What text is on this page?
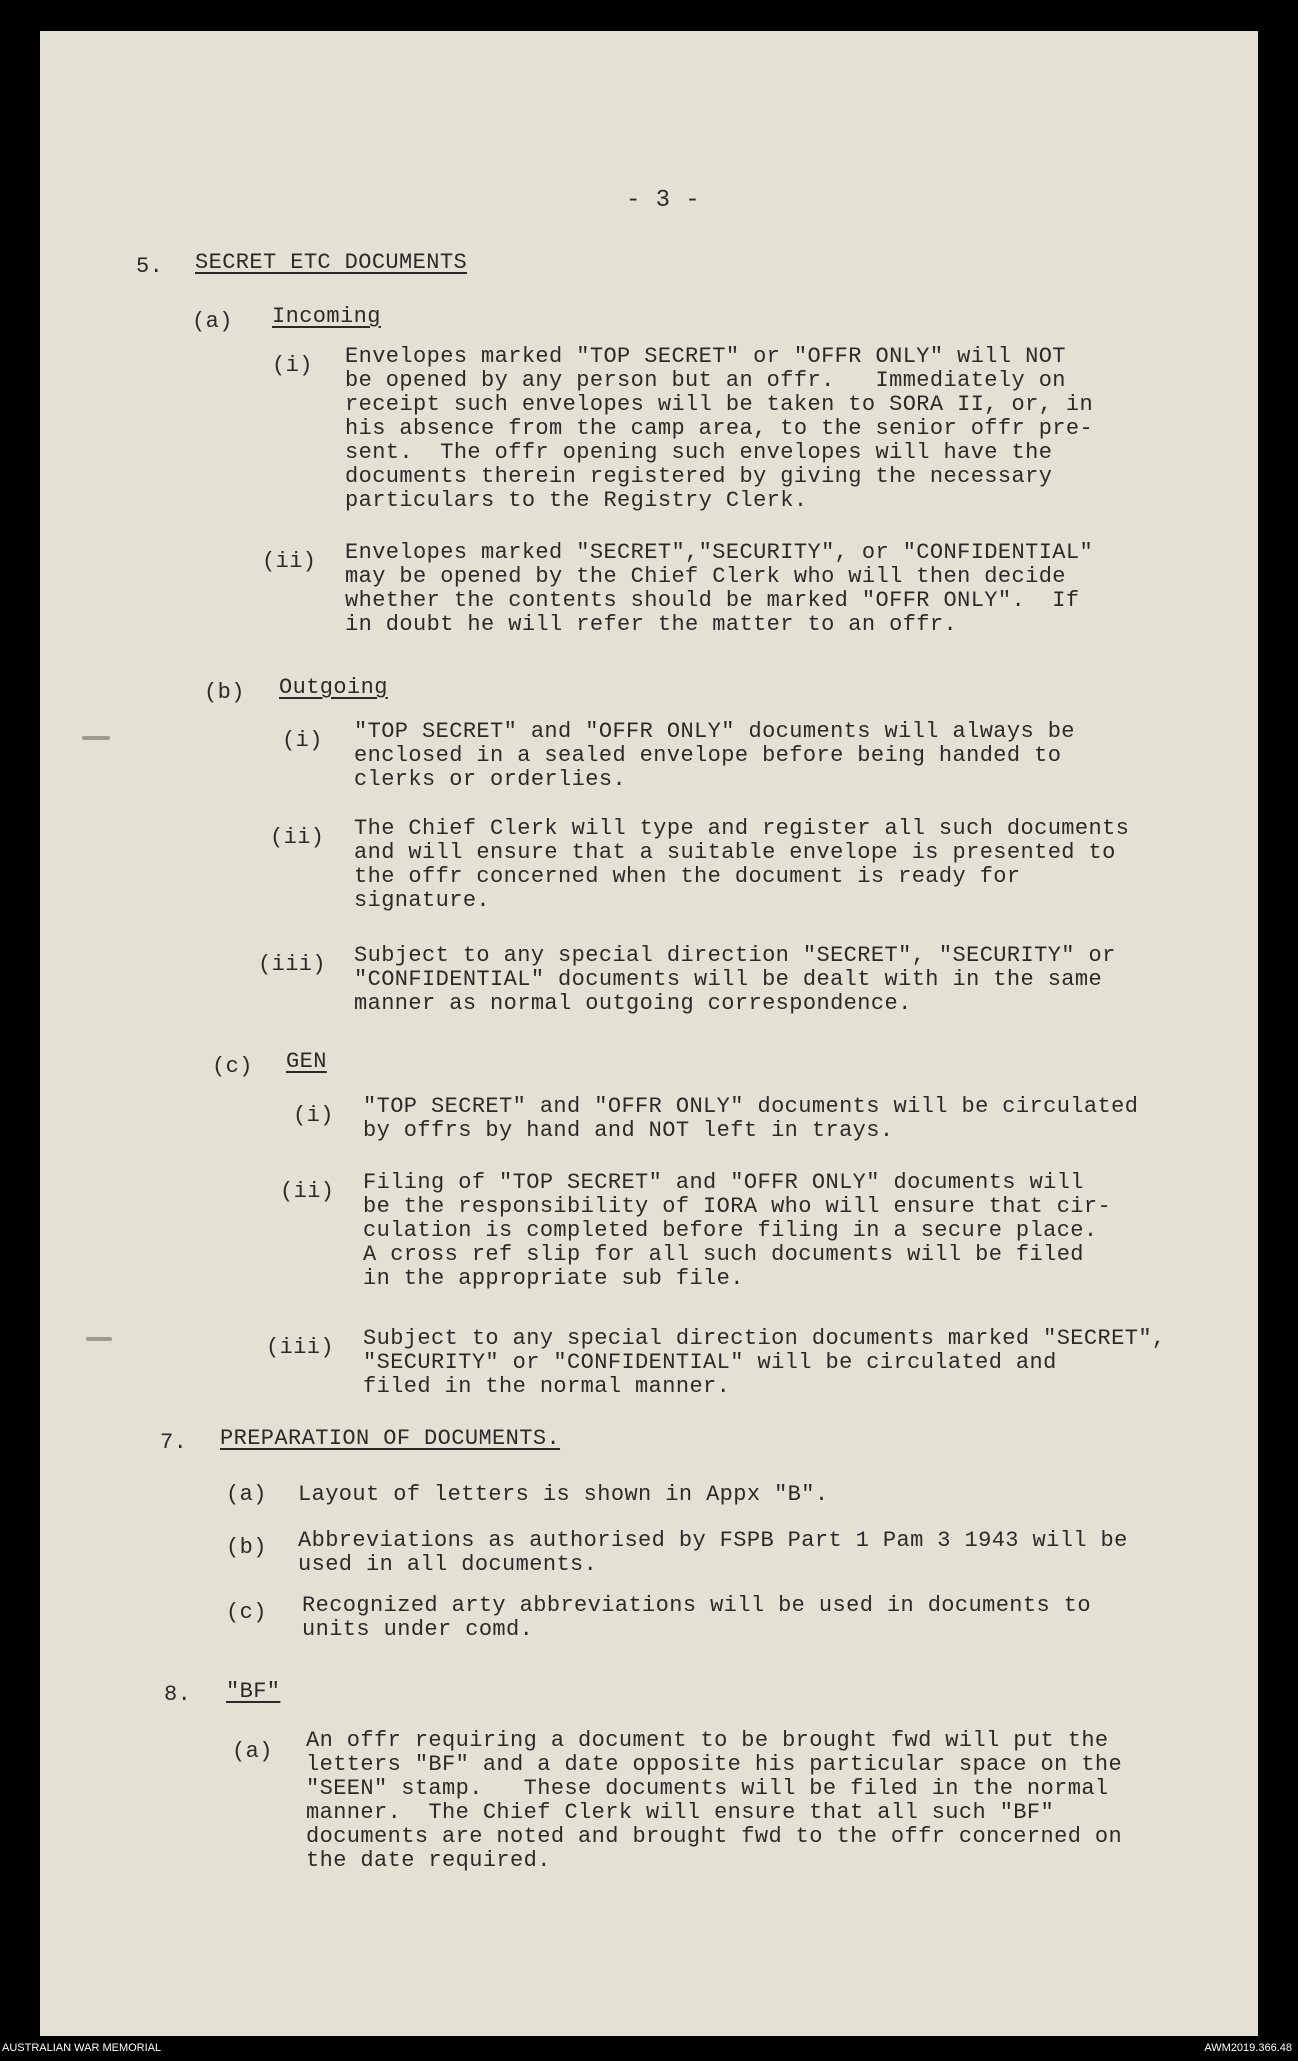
- 3 -
5. SECRET ETC DOCUMENTS
(a) Incoming
(i) Envelopes marked "TOP SECRET" or "OFFR ONLY" will NOT
be opened by any person but an offr.   Immediately on
receipt such envelopes will be taken to SORA II, or, in
his absence from the camp area, to the senior offr pre-
sent.  The offr opening such envelopes will have the
documents therein registered by giving the necessary
particulars to the Registry Clerk.
(ii) Envelopes marked "SECRET","SECURITY", or "CONFIDENTIAL"
may be opened by the Chief Clerk who will then decide
whether the contents should be marked "OFFR ONLY".  If
in doubt he will refer the matter to an offr.
(b) Outgoing
(i) "TOP SECRET" and "OFFR ONLY" documents will always be
enclosed in a sealed envelope before being handed to
clerks or orderlies.
(ii) The Chief Clerk will type and register all such documents
and will ensure that a suitable envelope is presented to
the offr concerned when the document is ready for
signature.
(iii) Subject to any special direction "SECRET", "SECURITY" or
"CONFIDENTIAL" documents will be dealt with in the same
manner as normal outgoing correspondence.
(c) GEN
(i) "TOP SECRET" and "OFFR ONLY" documents will be circulated
by offrs by hand and NOT left in trays.
(ii) Filing of "TOP SECRET" and "OFFR ONLY" documents will
be the responsibility of IORA who will ensure that cir-
culation is completed before filing in a secure place.
A cross ref slip for all such documents will be filed
in the appropriate sub file.
(iii) Subject to any special direction documents marked "SECRET",
"SECURITY" or "CONFIDENTIAL" will be circulated and
filed in the normal manner.
7. PREPARATION OF DOCUMENTS.
(a) Layout of letters is shown in Appx "B".
(b) Abbreviations as authorised by FSPB Part 1 Pam 3 1943 will be
used in all documents.
(c) Recognized arty abbreviations will be used in documents to
units under comd.
8. "BF"
(a) An offr requiring a document to be brought fwd will put the
letters "BF" and a date opposite his particular space on the
"SEEN" stamp.   These documents will be filed in the normal
manner.  The Chief Clerk will ensure that all such "BF"
documents are noted and brought fwd to the offr concerned on
the date required.
AUSTRALIAN WAR MEMORIAL	AWM2019.366.48
